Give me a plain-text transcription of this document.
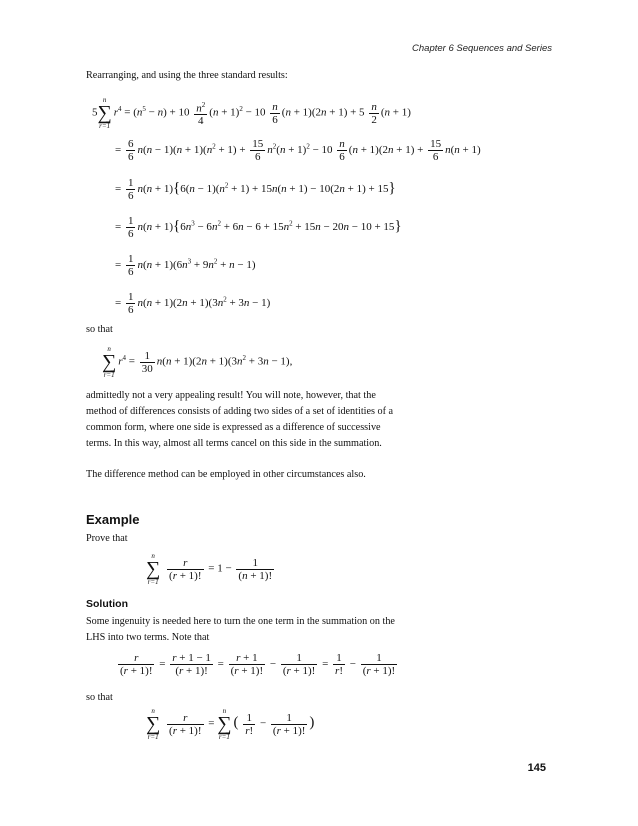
Chapter 6 Sequences and Series
Rearranging, and using the three standard results:
5
n
∑
r=1
$r^4 = (n^5 - n) + 10 \frac{n^2}{4} (n + 1)^2 - 10 \frac{n}{6} (n + 1)(2n + 1) + 5 \frac{n}{2} (n + 1)$
= $\frac{6}{6} n(n - 1)(n + 1)(n^2 + 1) + \frac{15}{6} n^2(n + 1)^2 - 10 \frac{n}{6} (n + 1)(2n + 1) + \frac{15}{6} n(n + 1)$
= $\frac{1}{6} n(n + 1)\{6(n - 1)(n^2 + 1) + 15n(n + 1) - 10(2n + 1) + 15\}$
= $\frac{1}{6} n(n + 1)\{6n^3 - 6n^2 + 6n - 6 + 15n^2 + 15n - 20n - 10 + 15\}$
= $\frac{1}{6} n(n + 1)(6n^3 + 9n^2 + n - 1)$
= $\frac{1}{6} n(n + 1)(2n + 1)(3n^2 + 3n - 1)$
so that
n
∑
r=1
$r^4 = \frac{1}{30} n(n + 1)(2n + 1)(3n^2 + 3n - 1)$,
admittedly not a very appealing result! You will note, however, that the method of differences consists of adding two sides of a set of identities of a common form, where one side is expressed as a difference of successive terms. In this way, almost all terms cancel on this side in the summation.
The difference method can be employed in other circumstances also.
Example
Prove that
n
∑
r=1

$\frac{r}{(r + 1)!} = 1 - \frac{1}{(n + 1)!}$
Solution
Some ingenuity is needed here to turn the one term in the summation on the LHS into two terms. Note that
$\frac{r}{(r + 1)!} = \frac{r + 1 - 1}{(r + 1)!} = \frac{r + 1}{(r + 1)!} - \frac{1}{(r + 1)!} = \frac{1}{r!} - \frac{1}{(r + 1)!}$
so that
n
∑
r=1

$\frac{r}{(r + 1)!}$ =
n
∑
r=1
( $\frac{1}{r!} - \frac{1}{(r + 1)!}$ )
145
